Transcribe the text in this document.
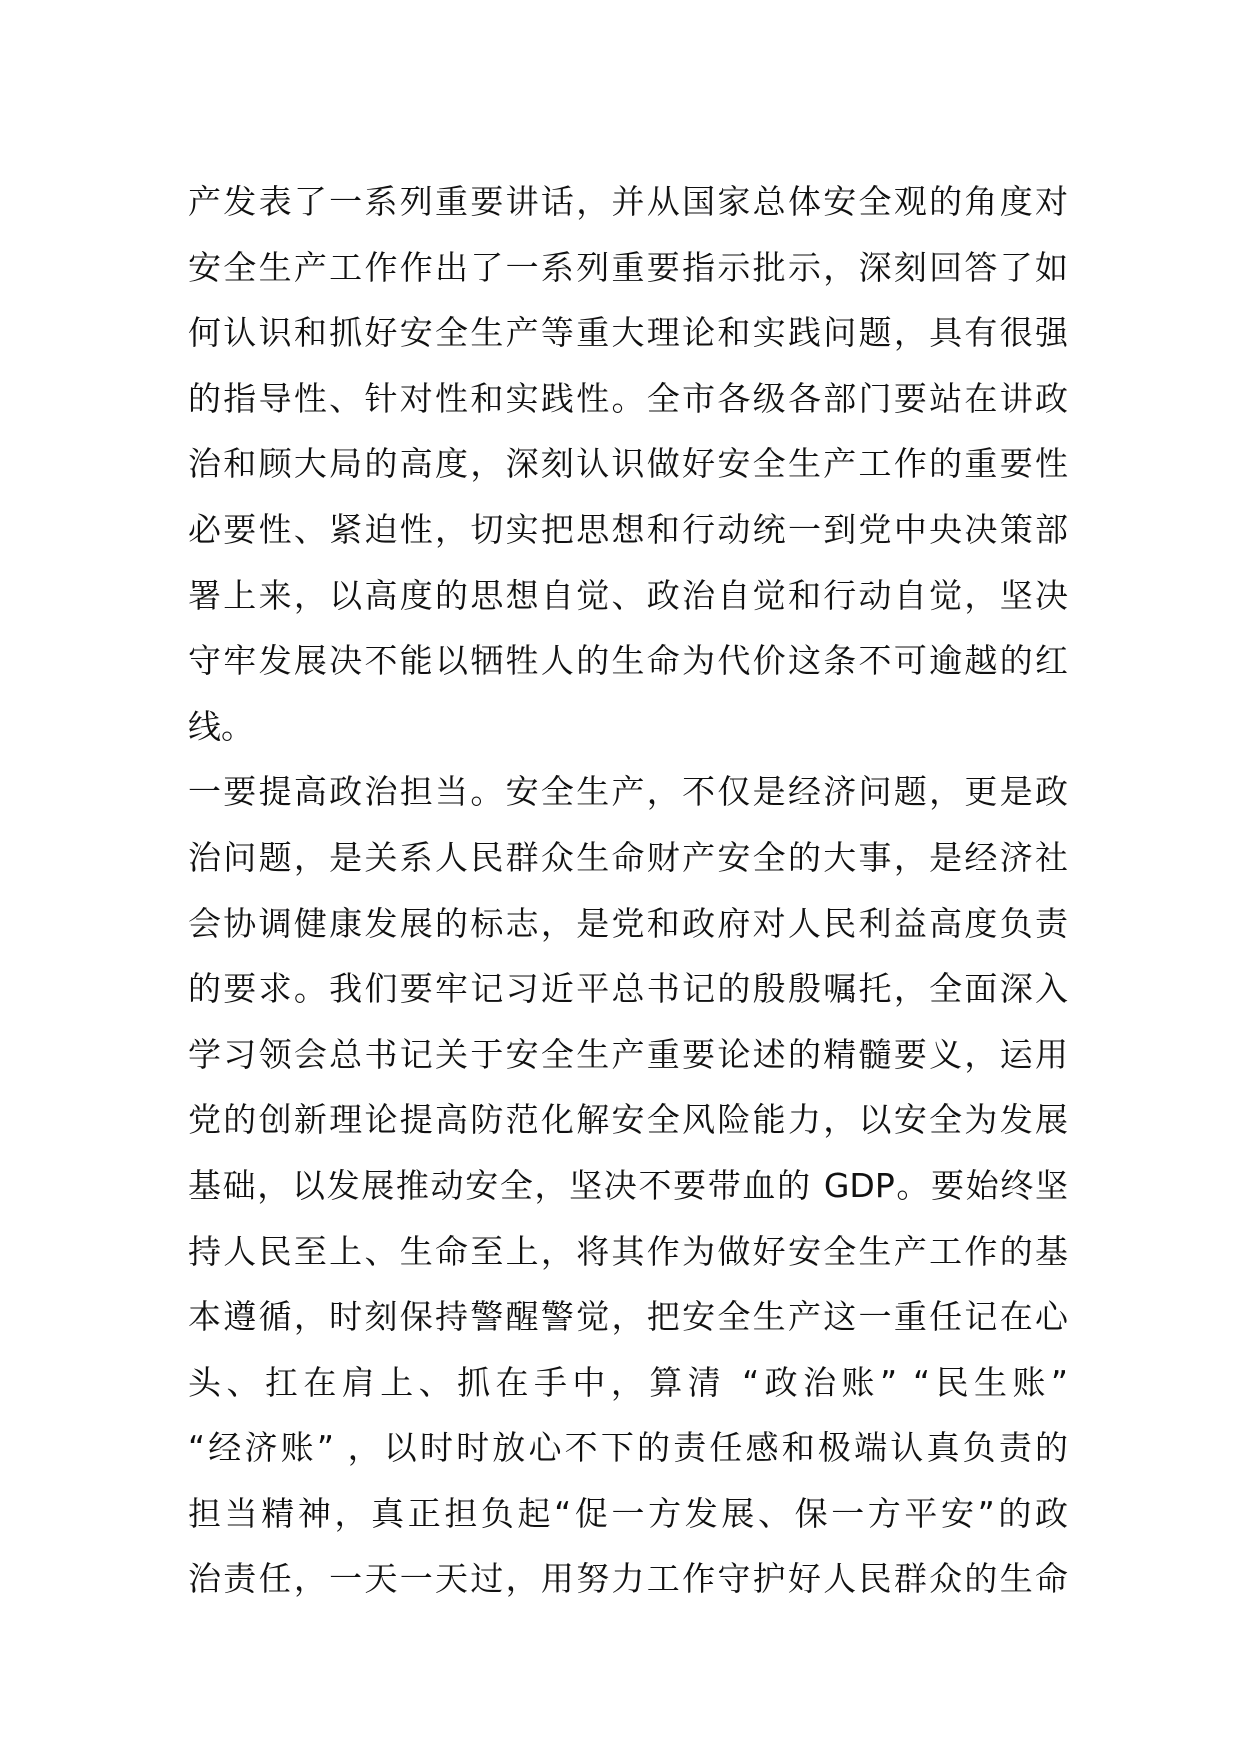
产发表了一系列重要讲话，并从国家总体安全观的角度对
安全生产工作作出了一系列重要指示批示，深刻回答了如
何认识和抓好安全生产等重大理论和实践问题，具有很强
的指导性、针对性和实践性。全市各级各部门要站在讲政
治和顾大局的高度，深刻认识做好安全生产工作的重要性
必要性、紧迫性，切实把思想和行动统一到党中央决策部
署上来，以高度的思想自觉、政治自觉和行动自觉，坚决
守牢发展决不能以牺牲人的生命为代价这条不可逾越的红
线。
一要提高政治担当。安全生产，不仅是经济问题，更是政
治问题，是关系人民群众生命财产安全的大事，是经济社
会协调健康发展的标志，是党和政府对人民利益高度负责
的要求。我们要牢记习近平总书记的殷殷嘱托，全面深入
学习领会总书记关于安全生产重要论述的精髓要义，运用
党的创新理论提高防范化解安全风险能力，以安全为发展
基础，以发展推动安全，坚决不要带血的 GDP。要始终坚
持人民至上、生命至上，将其作为做好安全生产工作的基
本遵循，时刻保持警醒警觉，把安全生产这一重任记在心
头、扛在肩上、抓在手中，算清 “政治账” “民生账”
“经济账” ，以时时放心不下的责任感和极端认真负责的
担当精神，真正担负起“促一方发展、保一方平安”的政
治责任，一天一天过，用努力工作守护好人民群众的生命
